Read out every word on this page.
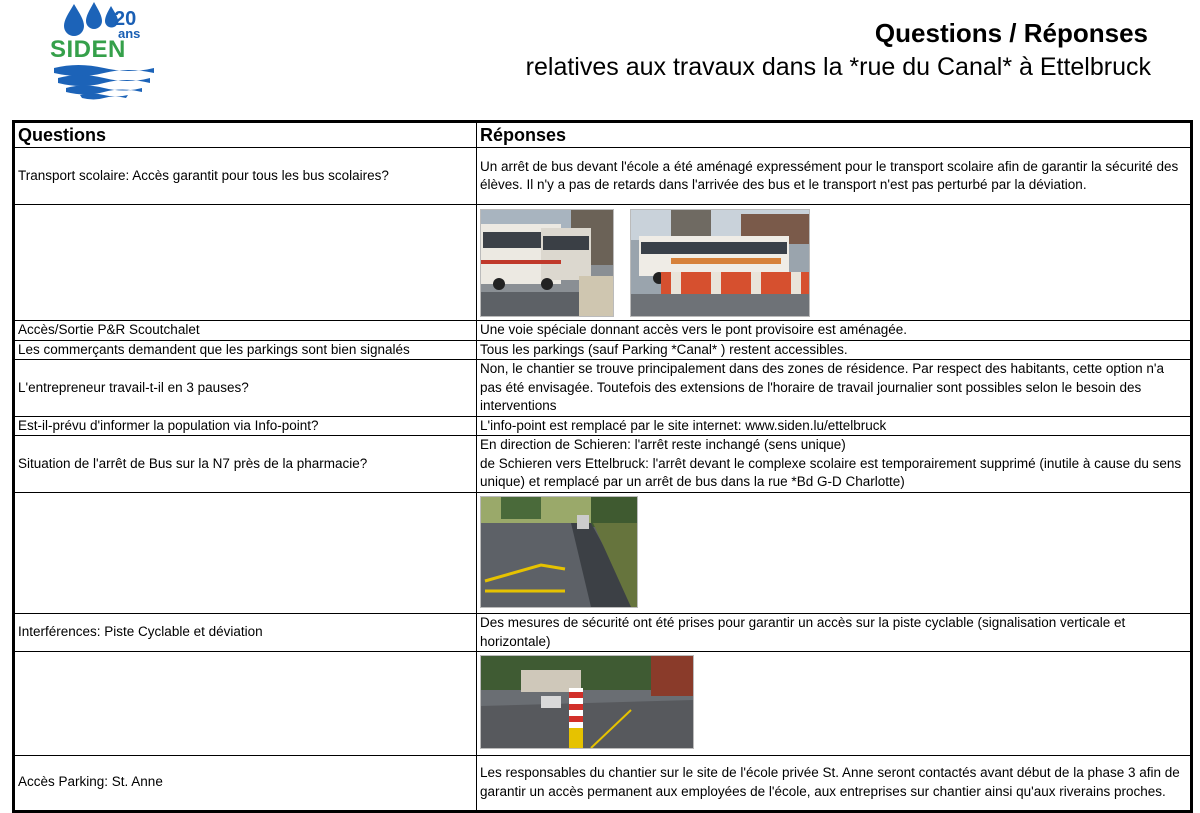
20
ans
SIDEN
Questions / Réponses
relatives aux travaux dans la *rue du Canal* à Ettelbruck
Questions	Réponses
Transport scolaire: Accès garantit pour tous les bus scolaires?	Un arrêt de bus devant l'école a été aménagé expressément pour le transport scolaire afin de garantir la sécurité des élèves. Il n'y a pas de retards dans l'arrivée des bus et le transport n'est pas perturbé par la déviation.

Accès/Sortie P&R Scoutchalet	Une voie spéciale donnant accès vers le pont provisoire est aménagée.
Les commerçants demandent que les parkings sont bien signalés	Tous les parkings (sauf Parking *Canal* ) restent accessibles.
L'entrepreneur travail-t-il en 3 pauses?	Non, le chantier se trouve principalement dans des zones de résidence. Par respect des habitants, cette option n'a pas été envisagée. Toutefois des extensions de l'horaire de travail journalier sont possibles selon le besoin des interventions
Est-il-prévu d'informer la population via Info-point?	L'info-point est remplacé par le site internet: www.siden.lu/ettelbruck
Situation de l'arrêt de Bus sur la N7 près de la pharmacie?	En direction de Schieren: l'arrêt reste inchangé (sens unique)
de Schieren vers Ettelbruck: l'arrêt devant le complexe scolaire est temporairement supprimé (inutile à cause du sens unique) et remplacé par un arrêt de bus dans la rue *Bd G-D Charlotte)

Interférences: Piste Cyclable et déviation	Des mesures de sécurité ont été prises pour garantir un accès sur la piste cyclable (signalisation verticale et horizontale)

Accès Parking: St. Anne	Les responsables du chantier sur le site de l'école privée St. Anne seront contactés avant début de la phase 3 afin de garantir un accès permanent aux employées de l'école, aux entreprises sur chantier ainsi qu'aux riverains proches.
